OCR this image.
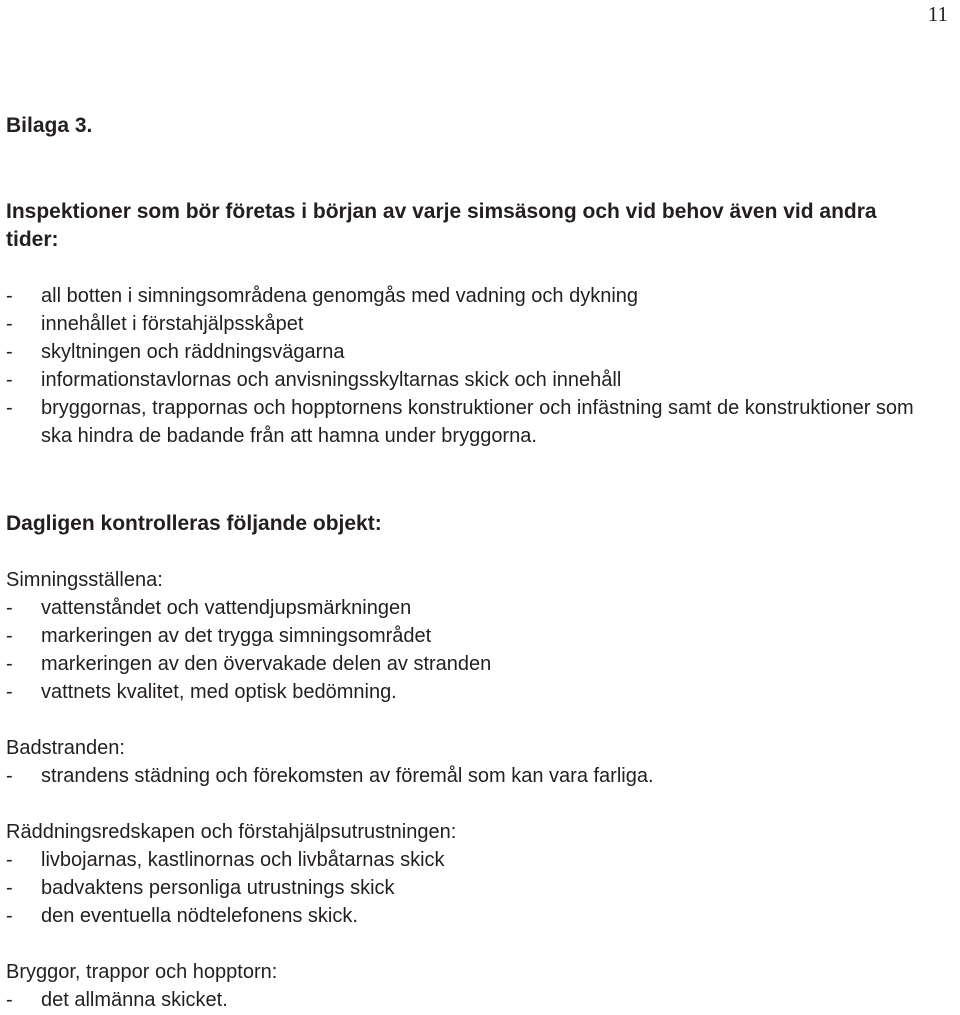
11
Bilaga 3.
Inspektioner som bör företas i början av varje simsäsong och vid behov även vid andra tider:
- all botten i simningsområdena genomgås med vadning och dykning
- innehållet i förstahjälpsskåpet
- skyltningen och räddningsvägarna
- informationstavlornas och anvisningsskyltarnas skick och innehåll
- bryggornas, trappornas och hopptornens konstruktioner och infästning samt de konstruktioner som ska hindra de badande från att hamna under bryggorna.
Dagligen kontrolleras följande objekt:

Simningsställena:

- vattenståndet och vattendjupsmärkningen
- markeringen av det trygga simningsområdet
- markeringen av den övervakade delen av stranden
- vattnets kvalitet, med optisk bedömning.

Badstranden:

- strandens städning och förekomsten av föremål som kan vara farliga.

Räddningsredskapen och förstahjälpsutrustningen:

- livbojarnas, kastlinornas och livbåtarnas skick
- badvaktens personliga utrustnings skick
- den eventuella nödtelefonens skick.

Bryggor, trappor och hopptorn:

- det allmänna skicket.
